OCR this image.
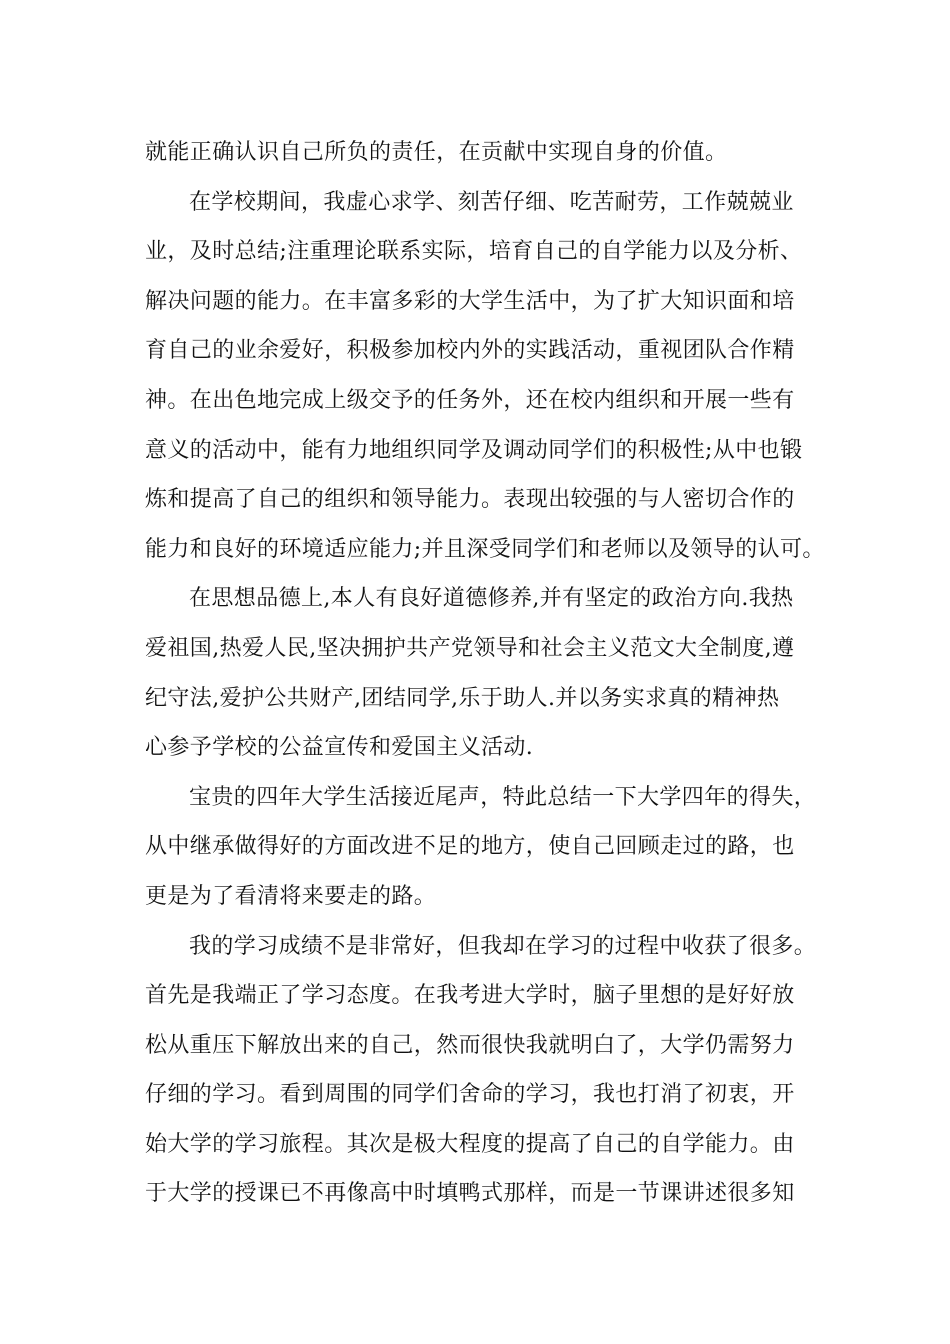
就能正确认识自己所负的责任，在贡献中实现自身的价值。
在学校期间，我虚心求学、刻苦仔细、吃苦耐劳，工作兢兢业
业，及时总结;注重理论联系实际，培育自己的自学能力以及分析、
解决问题的能力。在丰富多彩的大学生活中，为了扩大知识面和培
育自己的业余爱好，积极参加校内外的实践活动，重视团队合作精
神。在出色地完成上级交予的任务外，还在校内组织和开展一些有
意义的活动中，能有力地组织同学及调动同学们的积极性;从中也锻
炼和提高了自己的组织和领导能力。表现出较强的与人密切合作的
能力和良好的环境适应能力;并且深受同学们和老师以及领导的认可。
在思想品德上,本人有良好道德修养,并有坚定的政治方向.我热
爱祖国,热爱人民,坚决拥护共产党领导和社会主义范文大全制度,遵
纪守法,爱护公共财产,团结同学,乐于助人.并以务实求真的精神热
心参予学校的公益宣传和爱国主义活动.
宝贵的四年大学生活接近尾声，特此总结一下大学四年的得失，
从中继承做得好的方面改进不足的地方，使自己回顾走过的路，也
更是为了看清将来要走的路。
我的学习成绩不是非常好，但我却在学习的过程中收获了很多。
首先是我端正了学习态度。在我考进大学时，脑子里想的是好好放
松从重压下解放出来的自己，然而很快我就明白了，大学仍需努力
仔细的学习。看到周围的同学们舍命的学习，我也打消了初衷，开
始大学的学习旅程。其次是极大程度的提高了自己的自学能力。由
于大学的授课已不再像高中时填鸭式那样，而是一节课讲述很多知
